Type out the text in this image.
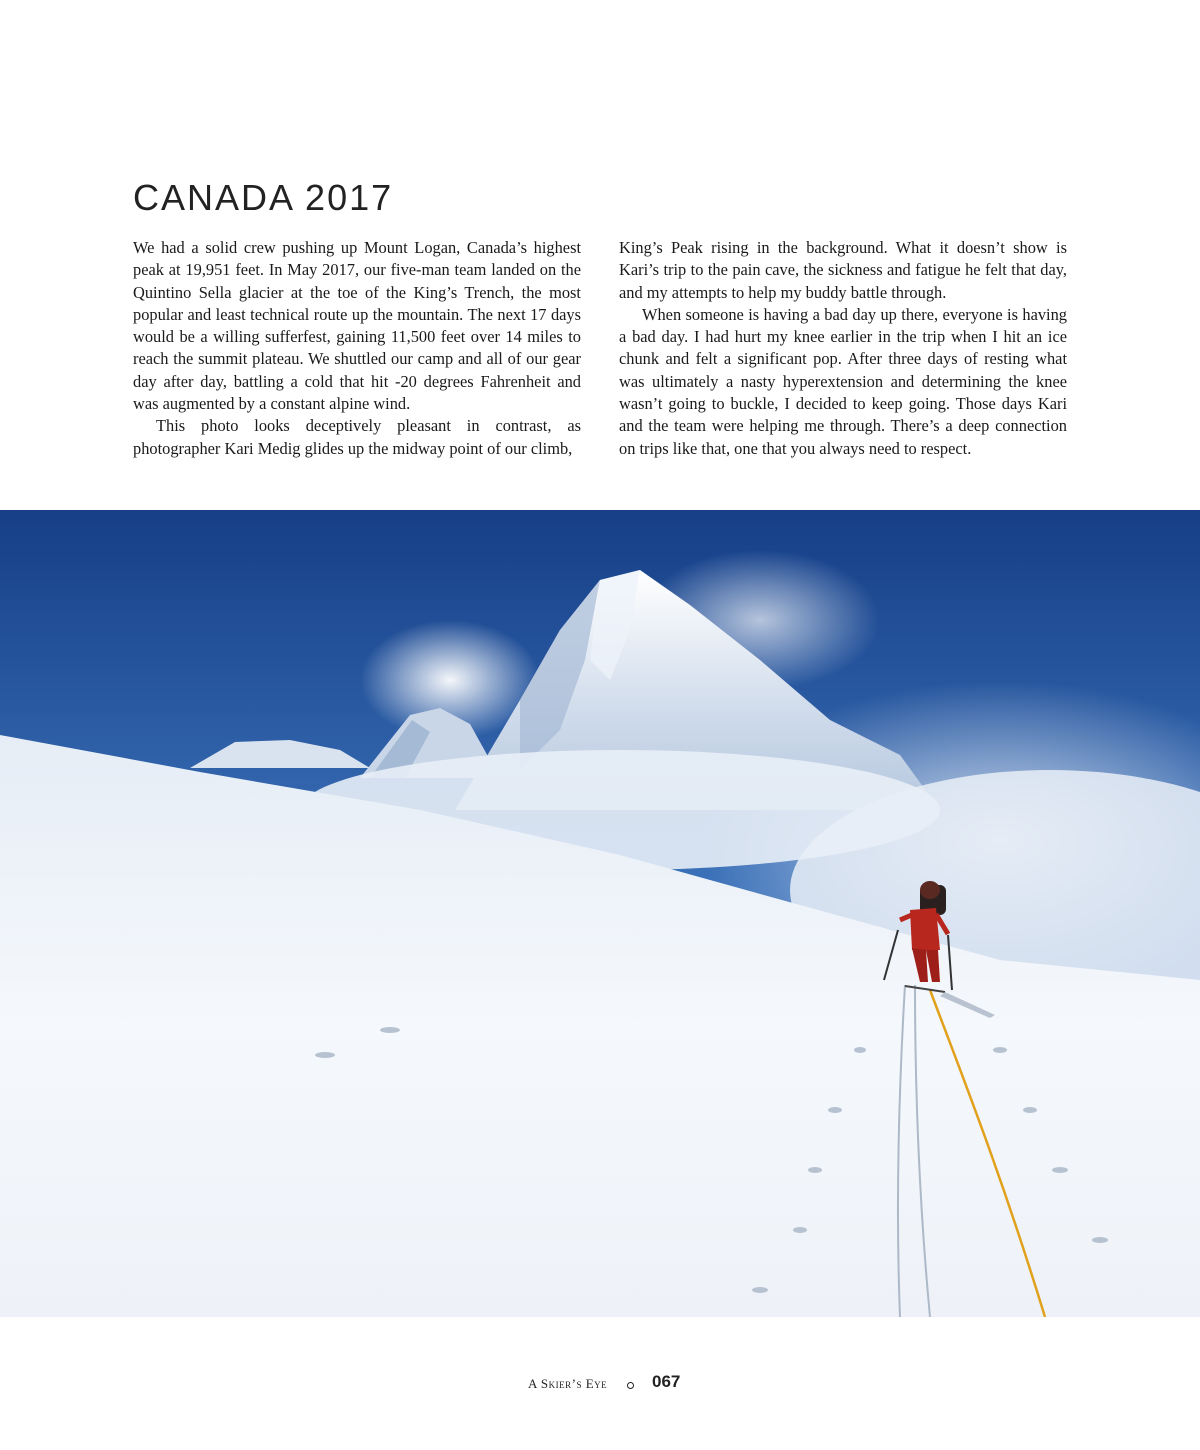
CANADA 2017

We had a solid crew pushing up Mount Logan, Canada’s highest peak at 19,951 feet. In May 2017, our five-man team landed on the Quintino Sella glacier at the toe of the King’s Trench, the most popular and least technical route up the mountain. The next 17 days would be a willing sufferfest, gaining 11,500 feet over 14 miles to reach the summit plateau. We shuttled our camp and all of our gear day after day, battling a cold that hit -20 degrees Fahrenheit and was augmented by a constant alpine wind.

This photo looks deceptively pleasant in contrast, as photographer Kari Medig glides up the midway point of our climb,

King’s Peak rising in the background. What it doesn’t show is Kari’s trip to the pain cave, the sickness and fatigue he felt that day, and my attempts to help my buddy battle through.

When someone is having a bad day up there, everyone is having a bad day. I had hurt my knee earlier in the trip when I hit an ice chunk and felt a significant pop. After three days of resting what was ultimately a nasty hyperextension and determining the knee wasn’t going to buckle, I decided to keep going. Those days Kari and the team were helping me through. There’s a deep connection on trips like that, one that you always need to respect.

A Skier’s Eye	067
